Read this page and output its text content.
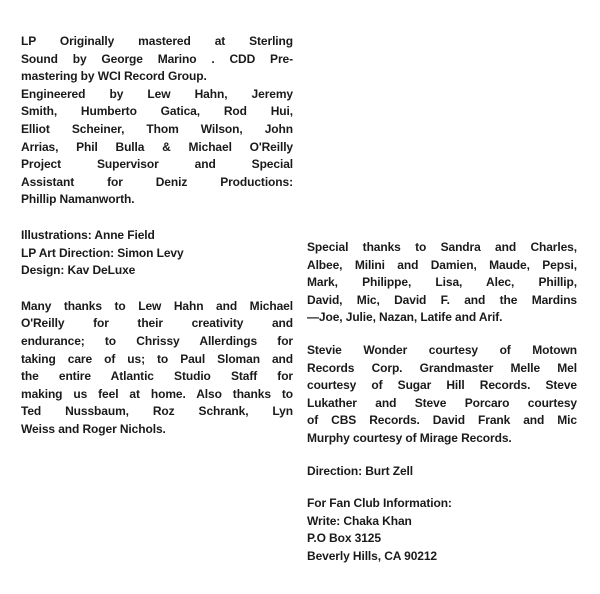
LP Originally mastered at Sterling
Sound by George Marino . CDD Pre-
mastering by WCI Record Group.
Engineered by Lew Hahn, Jeremy
Smith, Humberto Gatica, Rod Hui,
Elliot Scheiner, Thom Wilson, John
Arrias, Phil Bulla & Michael O'Reilly
Project Supervisor and Special
Assistant for Deniz Productions:
Phillip Namanworth.

Illustrations: Anne Field
LP Art Direction: Simon Levy
Design: Kav DeLuxe

Many thanks to Lew Hahn and Michael
O'Reilly for their creativity and
endurance; to Chrissy Allerdings for
taking care of us; to Paul Sloman and
the entire Atlantic Studio Staff for
making us feel at home. Also thanks to
Ted Nussbaum, Roz Schrank, Lyn
Weiss and Roger Nichols.

Special thanks to Sandra and Charles,
Albee, Milini and Damien, Maude, Pepsi,
Mark, Philippe, Lisa, Alec, Phillip,
David, Mic, David F. and the Mardins
—Joe, Julie, Nazan, Latife and Arif.

Stevie Wonder courtesy of Motown
Records Corp. Grandmaster Melle Mel
courtesy of Sugar Hill Records. Steve
Lukather and Steve Porcaro courtesy
of CBS Records. David Frank and Mic
Murphy courtesy of Mirage Records.

Direction: Burt Zell

For Fan Club Information:
Write: Chaka Khan
P.O Box 3125
Beverly Hills, CA 90212
